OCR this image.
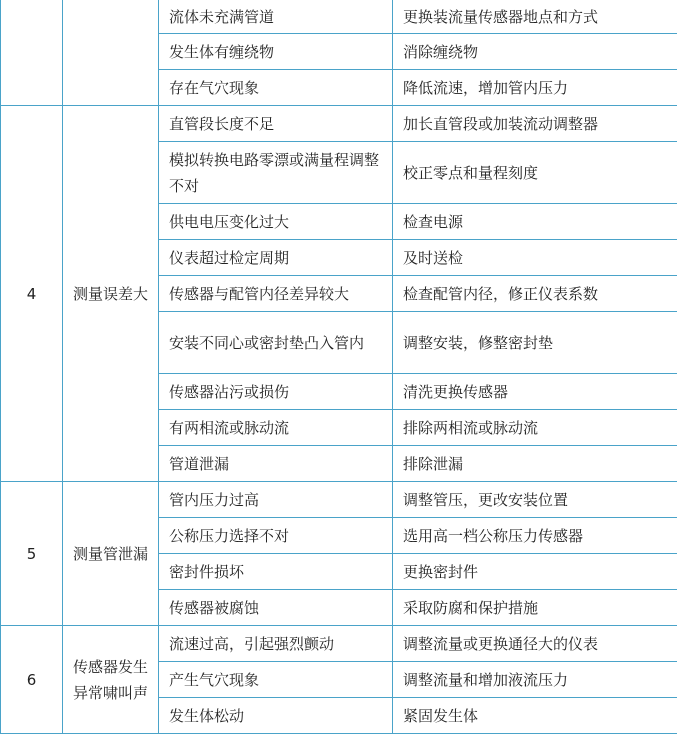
		流体未充满管道	更换装流量传感器地点和方式
		发生体有缠绕物	消除缠绕物
		存在气穴现象	降低流速，增加管内压力
4	测量误差大	直管段长度不足	加长直管段或加装流动调整器
		模拟转换电路零漂或满量程调整不对	校正零点和量程刻度
		供电电压变化过大	检查电源
		仪表超过检定周期	及时送检
		传感器与配管内径差异较大	检查配管内径，修正仪表系数
		安装不同心或密封垫凸入管内	调整安装，修整密封垫
		传感器沾污或损伤	清洗更换传感器
		有两相流或脉动流	排除两相流或脉动流
		管道泄漏	排除泄漏
5	测量管泄漏	管内压力过高	调整管压，更改安装位置
		公称压力选择不对	选用高一档公称压力传感器
		密封件损坏	更换密封件
		传感器被腐蚀	采取防腐和保护措施
6	传感器发生异常啸叫声	流速过高，引起强烈颤动	调整流量或更换通径大的仪表
		产生气穴现象	调整流量和增加液流压力
		发生体松动	紧固发生体
